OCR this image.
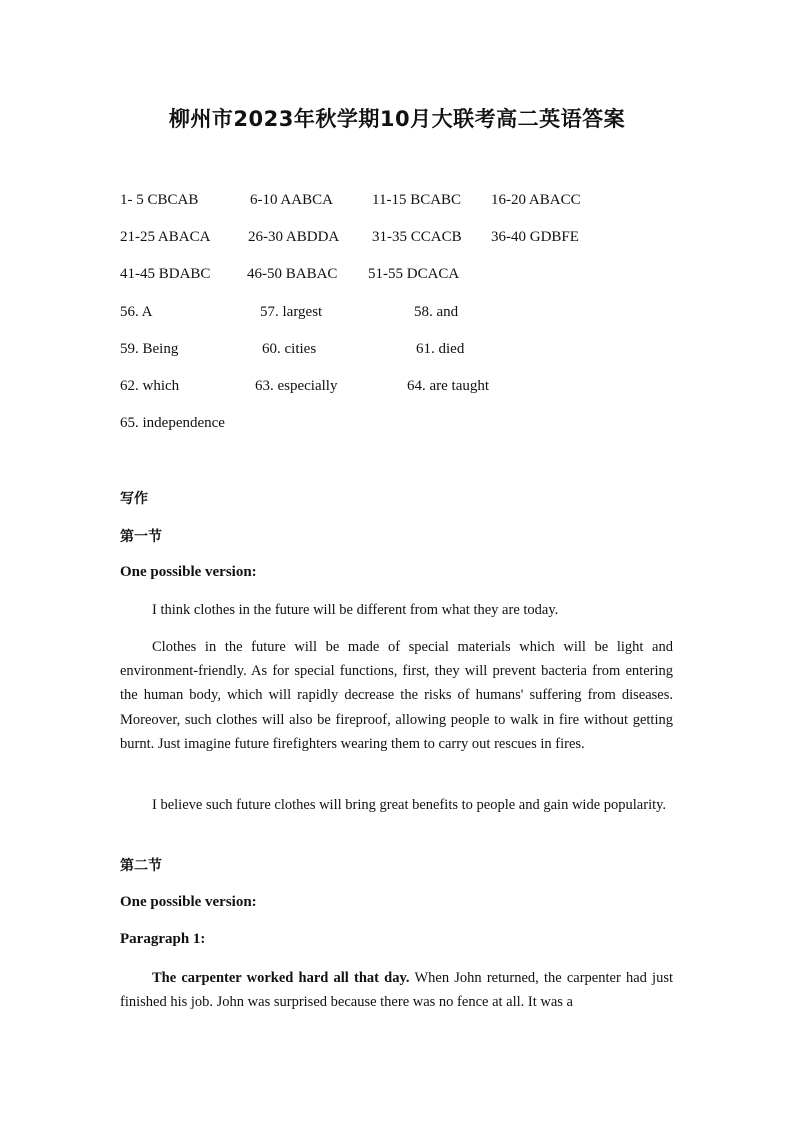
柳州市2023年秋学期10月大联考高二英语答案
1- 5 CBCAB	6-10 AABCA	11-15 BCABC 16-20 ABACC
21-25 ABACA	26-30 ABDDA 31-35 CCACB 36-40 GDBFE
41-45 BDABC 46-50 BABAC 51-55 DCACA
56. A	57. largest	58. and
59. Being	60. cities	61. died
62. which	63. especially	64. are taught
65. independence
写作
第一节
One possible version:

I think clothes in the future will be different from what they are today.

Clothes in the future will be made of special materials which will be light and environment-friendly. As for special functions, first, they will prevent bacteria from entering the human body, which will rapidly decrease the risks of humans' suffering from diseases. Moreover, such clothes will also be fireproof, allowing people to walk in fire without getting burnt. Just imagine future firefighters wearing them to carry out rescues in fires.

I believe such future clothes will bring great benefits to people and gain wide popularity.

第二节
One possible version:
Paragraph 1:

The carpenter worked hard all that day. When John returned, the carpenter had just finished his job. John was surprised because there was no fence at all. It was a
